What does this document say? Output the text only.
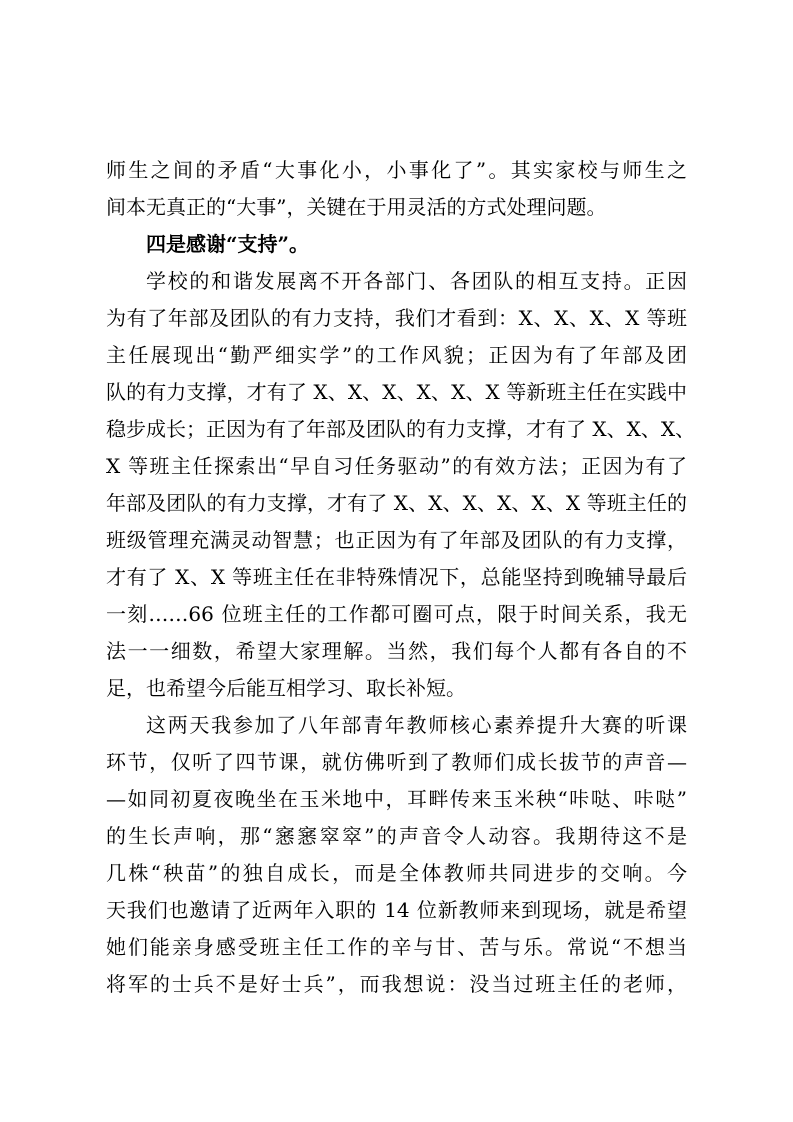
师生之间的矛盾“大事化小，小事化了”。其实家校与师生之
间本无真正的“大事”，关键在于用灵活的方式处理问题。
四是感谢“支持”。
学校的和谐发展离不开各部门、各团队的相互支持。正因
为有了年部及团队的有力支持，我们才看到：X、X、X、X 等班
主任展现出“勤严细实学”的工作风貌；正因为有了年部及团
队的有力支撑，才有了 X、X、X、X、X、X 等新班主任在实践中
稳步成长；正因为有了年部及团队的有力支撑，才有了 X、X、X、
X 等班主任探索出“早自习任务驱动”的有效方法；正因为有了
年部及团队的有力支撑，才有了 X、X、X、X、X、X 等班主任的
班级管理充满灵动智慧；也正因为有了年部及团队的有力支撑，
才有了 X、X 等班主任在非特殊情况下，总能坚持到晚辅导最后
一刻……66 位班主任的工作都可圈可点，限于时间关系，我无
法一一细数，希望大家理解。当然，我们每个人都有各自的不
足，也希望今后能互相学习、取长补短。
这两天我参加了八年部青年教师核心素养提升大赛的听课
环节，仅听了四节课，就仿佛听到了教师们成长拔节的声音—
—如同初夏夜晚坐在玉米地中，耳畔传来玉米秧“咔哒、咔哒”
的生长声响，那“窸窸窣窣”的声音令人动容。我期待这不是
几株“秧苗”的独自成长，而是全体教师共同进步的交响。今
天我们也邀请了近两年入职的 14 位新教师来到现场，就是希望
她们能亲身感受班主任工作的辛与甘、苦与乐。常说“不想当
将军的士兵不是好士兵”，而我想说：没当过班主任的老师，
